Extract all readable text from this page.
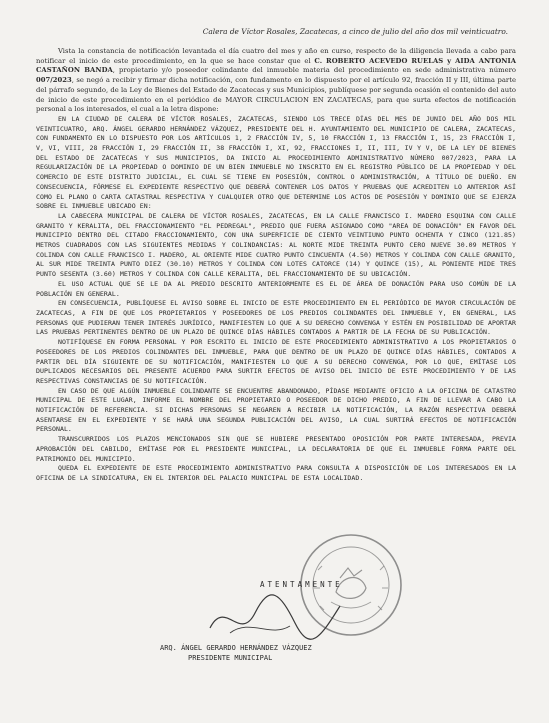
Calera de Víctor Rosales, Zacatecas, a cinco de julio del año dos mil veinticuatro.

Vista la constancia de notificación levantada el día cuatro del mes y año en curso, respecto de la diligencia llevada a cabo para notificar el inicio de este procedimiento, en la que se hace constar que el C. ROBERTO ACEVEDO RUELAS y AIDA ANTONIA CASTAÑON BANDA, propietario y/o poseedor colindante del inmueble materia del procedimiento en sede administrativa número 007/2023, se negó a recibir y firmar dicha notificación, con fundamento en lo dispuesto por el artículo 92, fracción II y III, última parte del párrafo segundo, de la Ley de Bienes del Estado de Zacatecas y sus Municipios, publíquese por segunda ocasión el contenido del auto de inicio de este procedimiento en el periódico de MAYOR CIRCULACION EN ZACATECAS, para que surta efectos de notificación personal a los interesados, el cual a la letra dispone:

EN LA CIUDAD DE CALERA DE VÍCTOR ROSALES, ZACATECAS, SIENDO LOS TRECE DÍAS DEL MES DE JUNIO DEL AÑO DOS MIL VEINTICUATRO, ARQ. ÁNGEL GERARDO HERNÁNDEZ VÁZQUEZ, PRESIDENTE DEL H. AYUNTAMIENTO DEL MUNICIPIO DE CALERA, ZACATECAS, CON FUNDAMENTO EN LO DISPUESTO POR LOS ARTÍCULOS 1, 2 FRACCIÓN IV, 5, 10 FRACCIÓN I, 13 FRACCIÓN I, 15, 23 FRACCIÓN I, V, VI, VIII, 28 FRACCIÓN I, 29 FRACCIÓN II, 38 FRACCIÓN I, XI, 92, FRACCIONES I, II, III, IV Y V, DE LA LEY DE BIENES DEL ESTADO DE ZACATECAS Y SUS MUNICIPIOS, DA INICIO AL PROCEDIMIENTO ADMINISTRATIVO NÚMERO 007/2023, PARA LA REGULARIZACIÓN DE LA PROPIEDAD O DOMINIO DE UN BIEN INMUEBLE NO INSCRITO EN EL REGISTRO PÚBLICO DE LA PROPIEDAD Y DEL COMERCIO DE ESTE DISTRITO JUDICIAL, EL CUAL SE TIENE EN POSESIÓN, CONTROL O ADMINISTRACIÓN, A TÍTULO DE DUEÑO. EN CONSECUENCIA, FÓRMESE EL EXPEDIENTE RESPECTIVO QUE DEBERÁ CONTENER LOS DATOS Y PRUEBAS QUE ACREDITEN LO ANTERIOR ASÍ COMO EL PLANO O CARTA CATASTRAL RESPECTIVA Y CUALQUIER OTRO QUE DETERMINE LOS ACTOS DE POSESIÓN Y DOMINIO QUE SE EJERZA SOBRE EL INMUEBLE UBICADO EN:

LA CABECERA MUNICIPAL DE CALERA DE VÍCTOR ROSALES, ZACATECAS, EN LA CALLE FRANCISCO I. MADERO ESQUINA CON CALLE GRANITO Y KERALITA, DEL FRACCIONAMIENTO "EL PEDREGAL", PREDIO QUE FUERA ASIGNADO COMO "AREA DE DONACIÓN" EN FAVOR DEL MUNICIPIO DENTRO DEL CITADO FRACCIONAMIENTO, CON UNA SUPERFICIE DE CIENTO VEINTIUNO PUNTO OCHENTA Y CINCO (121.85) METROS CUADRADOS CON LAS SIGUIENTES MEDIDAS Y COLINDANCIAS: AL NORTE MIDE TREINTA PUNTO CERO NUEVE 30.09 METROS Y COLINDA CON CALLE FRANCISCO I. MADERO, AL ORIENTE MIDE CUATRO PUNTO CINCUENTA (4.50) METROS Y COLINDA CON CALLE GRANITO, AL SUR MIDE TREINTA PUNTO DIEZ (30.10) METROS Y COLINDA CON LOTES CATORCE (14) Y QUINCE (15), AL PONIENTE MIDE TRES PUNTO SESENTA (3.60) METROS Y COLINDA CON CALLE KERALITA, DEL FRACCIONAMIENTO DE SU UBICACIÓN.

EL USO ACTUAL QUE SE LE DA AL PREDIO DESCRITO ANTERIORMENTE ES EL DE ÁREA DE DONACIÓN PARA USO COMÚN DE LA POBLACIÓN EN GENERAL.

EN CONSECUENCIA, PUBLÍQUESE EL AVISO SOBRE EL INICIO DE ESTE PROCEDIMIENTO EN EL PERIÓDICO DE MAYOR CIRCULACIÓN DE ZACATECAS, A FIN DE QUE LOS PROPIETARIOS Y POSEEDORES DE LOS PREDIOS COLINDANTES DEL INMUEBLE Y, EN GENERAL, LAS PERSONAS QUE PUDIERAN TENER INTERÉS JURÍDICO, MANIFIESTEN LO QUE A SU DERECHO CONVENGA Y ESTÉN EN POSIBILIDAD DE APORTAR LAS PRUEBAS PERTINENTES DENTRO DE UN PLAZO DE QUINCE DÍAS HÁBILES CONTADOS A PARTIR DE LA FECHA DE SU PUBLICACIÓN.

NOTIFÍQUESE EN FORMA PERSONAL Y POR ESCRITO EL INICIO DE ESTE PROCEDIMIENTO ADMINISTRATIVO A LOS PROPIETARIOS O POSEEDORES DE LOS PREDIOS COLINDANTES DEL INMUEBLE, PARA QUE DENTRO DE UN PLAZO DE QUINCE DÍAS HÁBILES, CONTADOS A PARTIR DEL DÍA SIGUIENTE DE SU NOTIFICACIÓN, MANIFIESTEN LO QUE A SU DERECHO CONVENGA, POR LO QUE, EMÍTASE LOS DUPLICADOS NECESARIOS DEL PRESENTE ACUERDO PARA SURTIR EFECTOS DE AVISO DEL INICIO DE ESTE PROCEDIMIENTO Y DE LAS RESPECTIVAS CONSTANCIAS DE SU NOTIFICACIÓN.

EN CASO DE QUE ALGÚN INMUEBLE COLINDANTE SE ENCUENTRE ABANDONADO, PÍDASE MEDIANTE OFICIO A LA OFICINA DE CATASTRO MUNICIPAL DE ESTE LUGAR, INFORME EL NOMBRE DEL PROPIETARIO O POSEEDOR DE DICHO PREDIO, A FIN DE LLEVAR A CABO LA NOTIFICACIÓN DE REFERENCIA. SI DICHAS PERSONAS SE NEGAREN A RECIBIR LA NOTIFICACIÓN, LA RAZÓN RESPECTIVA DEBERÁ ASENTARSE EN EL EXPEDIENTE Y SE HARÁ UNA SEGUNDA PUBLICACIÓN DEL AVISO, LA CUAL SURTIRÁ EFECTOS DE NOTIFICACIÓN PERSONAL.

TRANSCURRIDOS LOS PLAZOS MENCIONADOS SIN QUE SE HUBIERE PRESENTADO OPOSICIÓN POR PARTE INTERESADA, PREVIA APROBACIÓN DEL CABILDO, EMÍTASE POR EL PRESIDENTE MUNICIPAL, LA DECLARATORIA DE QUE EL INMUEBLE FORMA PARTE DEL PATRIMONIO DEL MUNICIPIO.

QUEDA EL EXPEDIENTE DE ESTE PROCEDIMIENTO ADMINISTRATIVO PARA CONSULTA A DISPOSICIÓN DE LOS INTERESADOS EN LA OFICINA DE LA SINDICATURA, EN EL INTERIOR DEL PALACIO MUNICIPAL DE ESTA LOCALIDAD.

ATENTAMENTE
ARQ. ÁNGEL GERARDO HERNÁNDEZ VÁZQUEZ
PRESIDENTE MUNICIPAL
